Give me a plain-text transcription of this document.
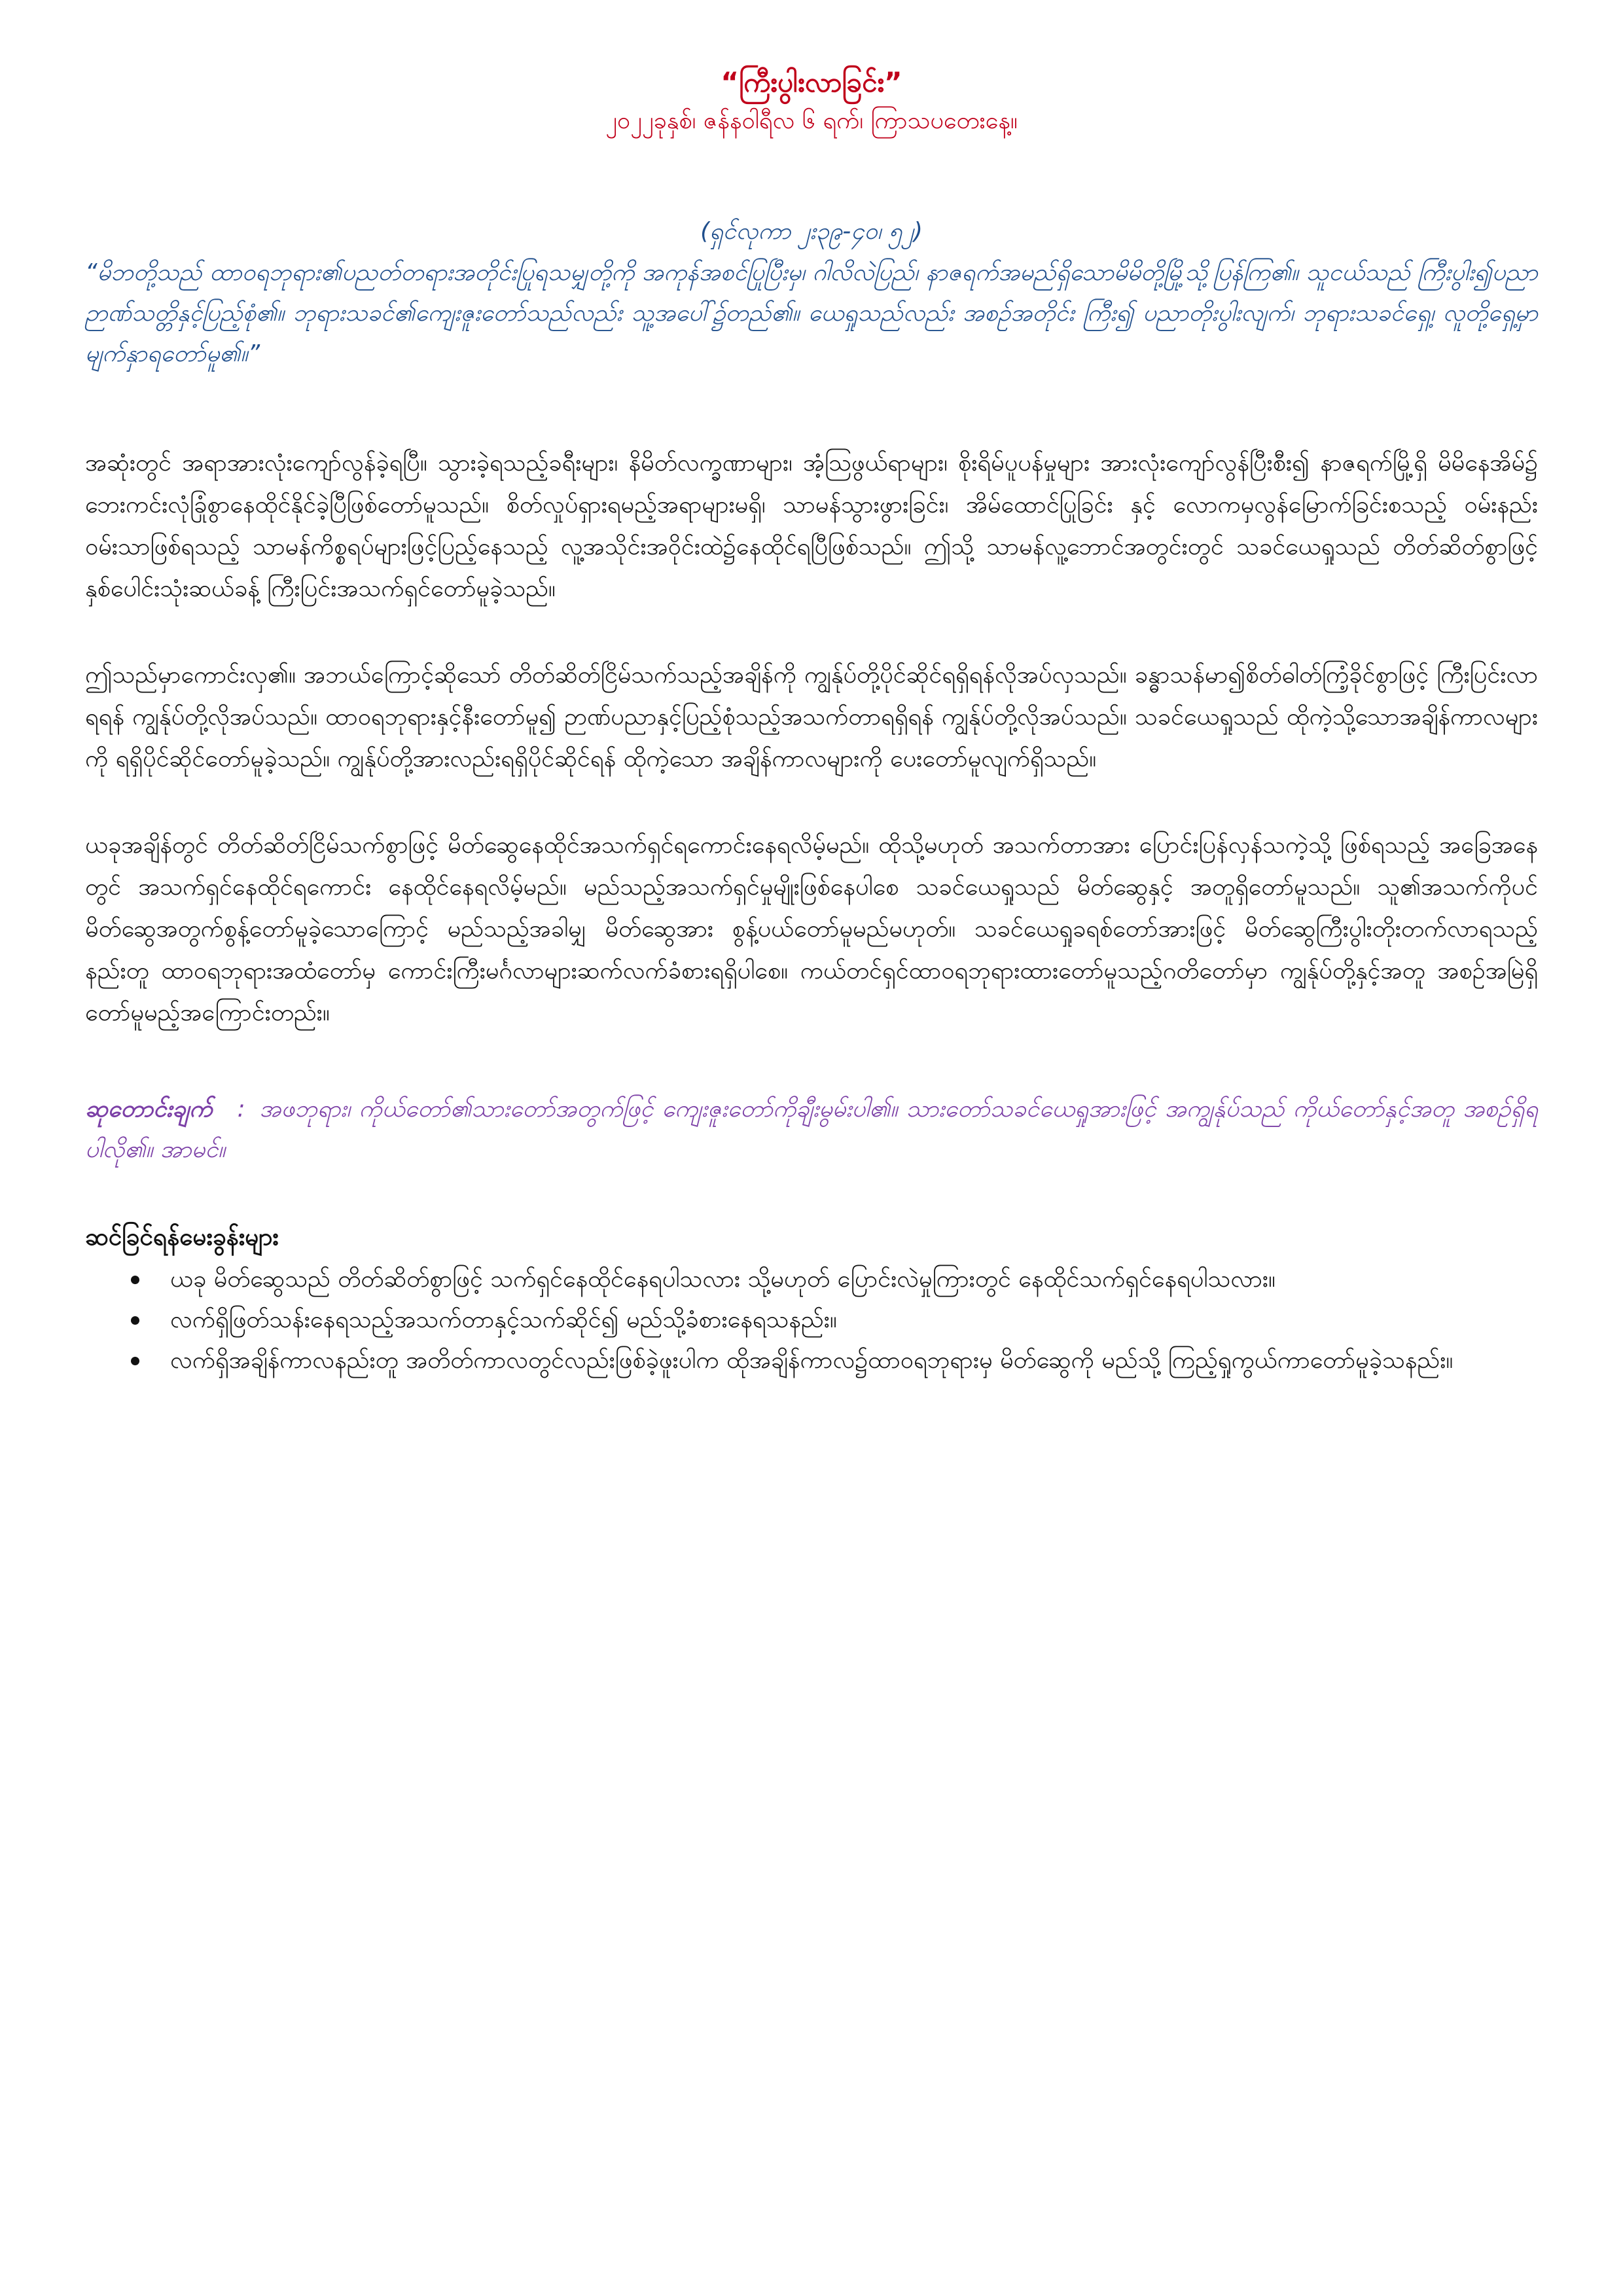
“ကြီးပွါးလာခြင်း”

၂၀၂၂ခုနှစ်၊ ဇန်နဝါရီလ ၆ ရက်၊ ကြာသပတေးနေ့။

(ရှင်လုကာ ၂း၃၉-၄၀၊ ၅၂)

“မိဘတို့သည် ထာဝရဘုရား၏ပညတ်တရားအတိုင်းပြုရသမျှတို့ကို အကုန်အစင်ပြုပြီးမှ၊ ဂါလိလဲပြည်၊ နာဇရက်အမည်ရှိသောမိမိတို့မြို့သို့ပြန်ကြ၏။ သူငယ်သည် ကြီးပွါး၍ပညာဉာဏ်သတ္တိနှင့်ပြည့်စုံ၏။ ဘုရားသခင်၏ကျေးဇူးတော်သည်လည်း သူ့အပေါ်၌တည်၏။ ယေရှုသည်လည်း အစဉ်အတိုင်း ကြီး၍ ပညာတိုးပွါးလျက်၊ ဘုရားသခင်ရှေ့၊ လူတို့ရှေ့မှာ မျက်နှာရတော်မူ၏။”

အဆုံးတွင် အရာအားလုံးကျော်လွန်ခဲ့ရပြီ။ သွားခဲ့ရသည့်ခရီးများ၊ နိမိတ်လက္ခဏာများ၊ အံ့သြဖွယ်ရာများ၊ စိုးရိမ်ပူပန်မှုများ အားလုံးကျော်လွန်ပြီးစီး၍ နာဇရက်မြို့ရှိ မိမိနေအိမ်၌ ဘေးကင်းလုံခြုံစွာနေထိုင်နိုင်ခဲ့ပြီဖြစ်တော်မူသည်။ စိတ်လှုပ်ရှားရမည့်အရာများမရှိ၊ သာမန်သွားဖွားခြင်း၊ အိမ်ထောင်ပြုခြင်း နှင့် လောကမှလွန်မြောက်ခြင်းစသည့် ဝမ်းနည်းဝမ်းသာဖြစ်ရသည့် သာမန်ကိစ္စရပ်များဖြင့်ပြည့်နေသည့် လူ့အသိုင်းအဝိုင်းထဲ၌နေထိုင်ရပြီဖြစ်သည်။ ဤသို့ သာမန်လူ့ဘောင်အတွင်းတွင် သခင်ယေရှုသည် တိတ်ဆိတ်စွာဖြင့် နှစ်ပေါင်းသုံးဆယ်ခန့် ကြီးပြင်းအသက်ရှင်တော်မူခဲ့သည်။

ဤသည်မှာကောင်းလှ၏။ အဘယ်ကြောင့်ဆိုသော် တိတ်ဆိတ်ငြိမ်သက်သည့်အချိန်ကို ကျွန်ုပ်တို့ပိုင်ဆိုင်ရရှိရန်လိုအပ်လှသည်။ ခန္ဓာသန်မာ၍စိတ်ဓါတ်ကြံ့ခိုင်စွာဖြင့် ကြီးပြင်းလာရရန် ကျွန်ုပ်တို့လိုအပ်သည်။ ထာဝရဘုရားနှင့်နီးတော်မူ၍ ဉာဏ်ပညာနှင့်ပြည့်စုံသည့်အသက်တာရရှိရန် ကျွန်ုပ်တို့လိုအပ်သည်။ သခင်ယေရှုသည် ထိုကဲ့သို့သောအချိန်ကာလများကို ရရှိပိုင်ဆိုင်တော်မူခဲ့သည်။ ကျွန်ုပ်တို့အားလည်းရရှိပိုင်ဆိုင်ရန် ထိုကဲ့သော အချိန်ကာလများကို ပေးတော်မူလျက်ရှိသည်။

ယခုအချိန်တွင် တိတ်ဆိတ်ငြိမ်သက်စွာဖြင့် မိတ်ဆွေနေထိုင်အသက်ရှင်ရကောင်းနေရလိမ့်မည်။ ထိုသို့မဟုတ် အသက်တာအား ပြောင်းပြန်လှန်သကဲ့သို့ ဖြစ်ရသည့် အခြေအနေတွင် အသက်ရှင်နေထိုင်ရကောင်း နေထိုင်နေရလိမ့်မည်။ မည်သည့်အသက်ရှင်မှုမျိုးဖြစ်နေပါစေ သခင်ယေရှုသည် မိတ်ဆွေနှင့် အတူရှိတော်မူသည်။ သူ၏အသက်ကိုပင် မိတ်ဆွေအတွက်စွန့်တော်မူခဲ့သောကြောင့် မည်သည့်အခါမျှ မိတ်ဆွေအား စွန့်ပယ်တော်မူမည်မဟုတ်။ သခင်ယေရှုခရစ်တော်အားဖြင့် မိတ်ဆွေကြီးပွါးတိုးတက်လာရသည့်နည်းတူ ထာဝရဘုရားအထံတော်မှ ကောင်းကြီးမင်္ဂလာများဆက်လက်ခံစားရရှိပါစေ။ ကယ်တင်ရှင်ထာဝရဘုရားထားတော်မူသည့်ဂတိတော်မှာ ကျွန်ုပ်တို့နှင့်အတူ အစဉ်အမြဲရှိတော်မူမည့်အကြောင်းတည်း။

ဆုတောင်းချက် : အဖဘုရား၊ ကိုယ်တော်၏သားတော်အတွက်ဖြင့် ကျေးဇူးတော်ကိုချီးမွမ်းပါ၏။ သားတော်သခင်ယေရှုအားဖြင့် အကျွန်ုပ်သည် ကိုယ်တော်နှင့်အတူ အစဉ်ရှိရပါလို၏။ အာမင်။
ဆင်ခြင်ရန်မေးခွန်းများ
ယခု မိတ်ဆွေသည် တိတ်ဆိတ်စွာဖြင့် သက်ရှင်နေထိုင်နေရပါသလား သို့မဟုတ် ပြောင်းလဲမှုကြားတွင် နေထိုင်သက်ရှင်နေရပါသလား။
လက်ရှိဖြတ်သန်းနေရသည့်အသက်တာနှင့်သက်ဆိုင်၍ မည်သို့ခံစားနေရသနည်း။
လက်ရှိအချိန်ကာလနည်းတူ အတိတ်ကာလတွင်လည်းဖြစ်ခဲ့ဖူးပါက ထိုအချိန်ကာလ၌ထာဝရဘုရားမှ မိတ်ဆွေကို မည်သို့ ကြည့်ရှုကွယ်ကာတော်မူခဲ့သနည်း။
